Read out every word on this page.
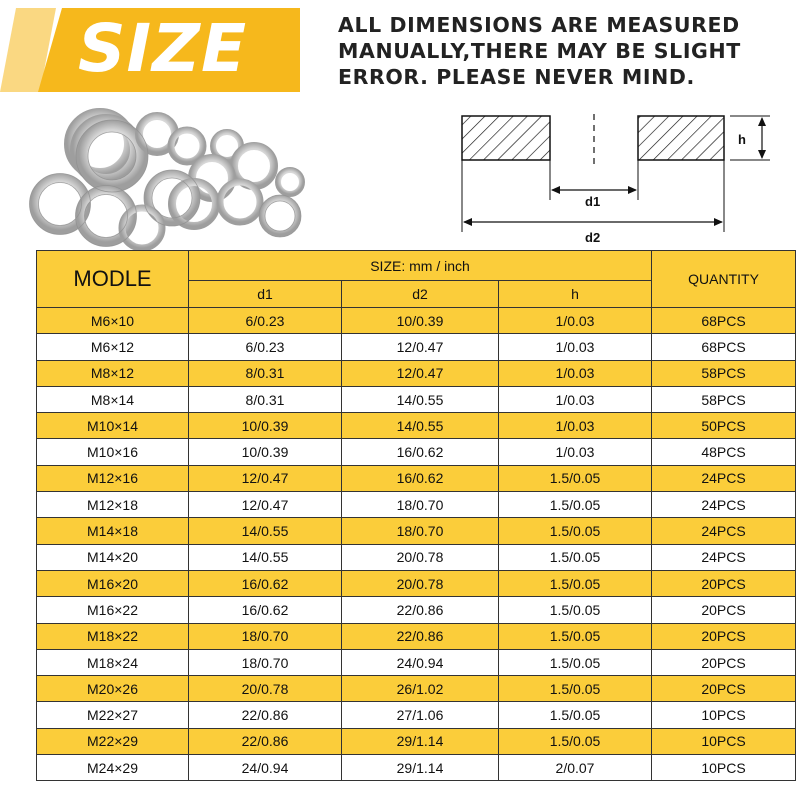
SIZE	ALL DIMENSIONS ARE MEASURED
MANUALLY,THERE MAY BE SLIGHT
ERROR. PLEASE NEVER MIND.
h
d1
d2
MODLE	SIZE: mm / inch			QUANTITY
	d1	d2	h	
M6×10	6/0.23	10/0.39	1/0.03	68PCS
M6×12	6/0.23	12/0.47	1/0.03	68PCS
M8×12	8/0.31	12/0.47	1/0.03	58PCS
M8×14	8/0.31	14/0.55	1/0.03	58PCS
M10×14	10/0.39	14/0.55	1/0.03	50PCS
M10×16	10/0.39	16/0.62	1/0.03	48PCS
M12×16	12/0.47	16/0.62	1.5/0.05	24PCS
M12×18	12/0.47	18/0.70	1.5/0.05	24PCS
M14×18	14/0.55	18/0.70	1.5/0.05	24PCS
M14×20	14/0.55	20/0.78	1.5/0.05	24PCS
M16×20	16/0.62	20/0.78	1.5/0.05	20PCS
M16×22	16/0.62	22/0.86	1.5/0.05	20PCS
M18×22	18/0.70	22/0.86	1.5/0.05	20PCS
M18×24	18/0.70	24/0.94	1.5/0.05	20PCS
M20×26	20/0.78	26/1.02	1.5/0.05	20PCS
M22×27	22/0.86	27/1.06	1.5/0.05	10PCS
M22×29	22/0.86	29/1.14	1.5/0.05	10PCS
M24×29	24/0.94	29/1.14	2/0.07	10PCS
